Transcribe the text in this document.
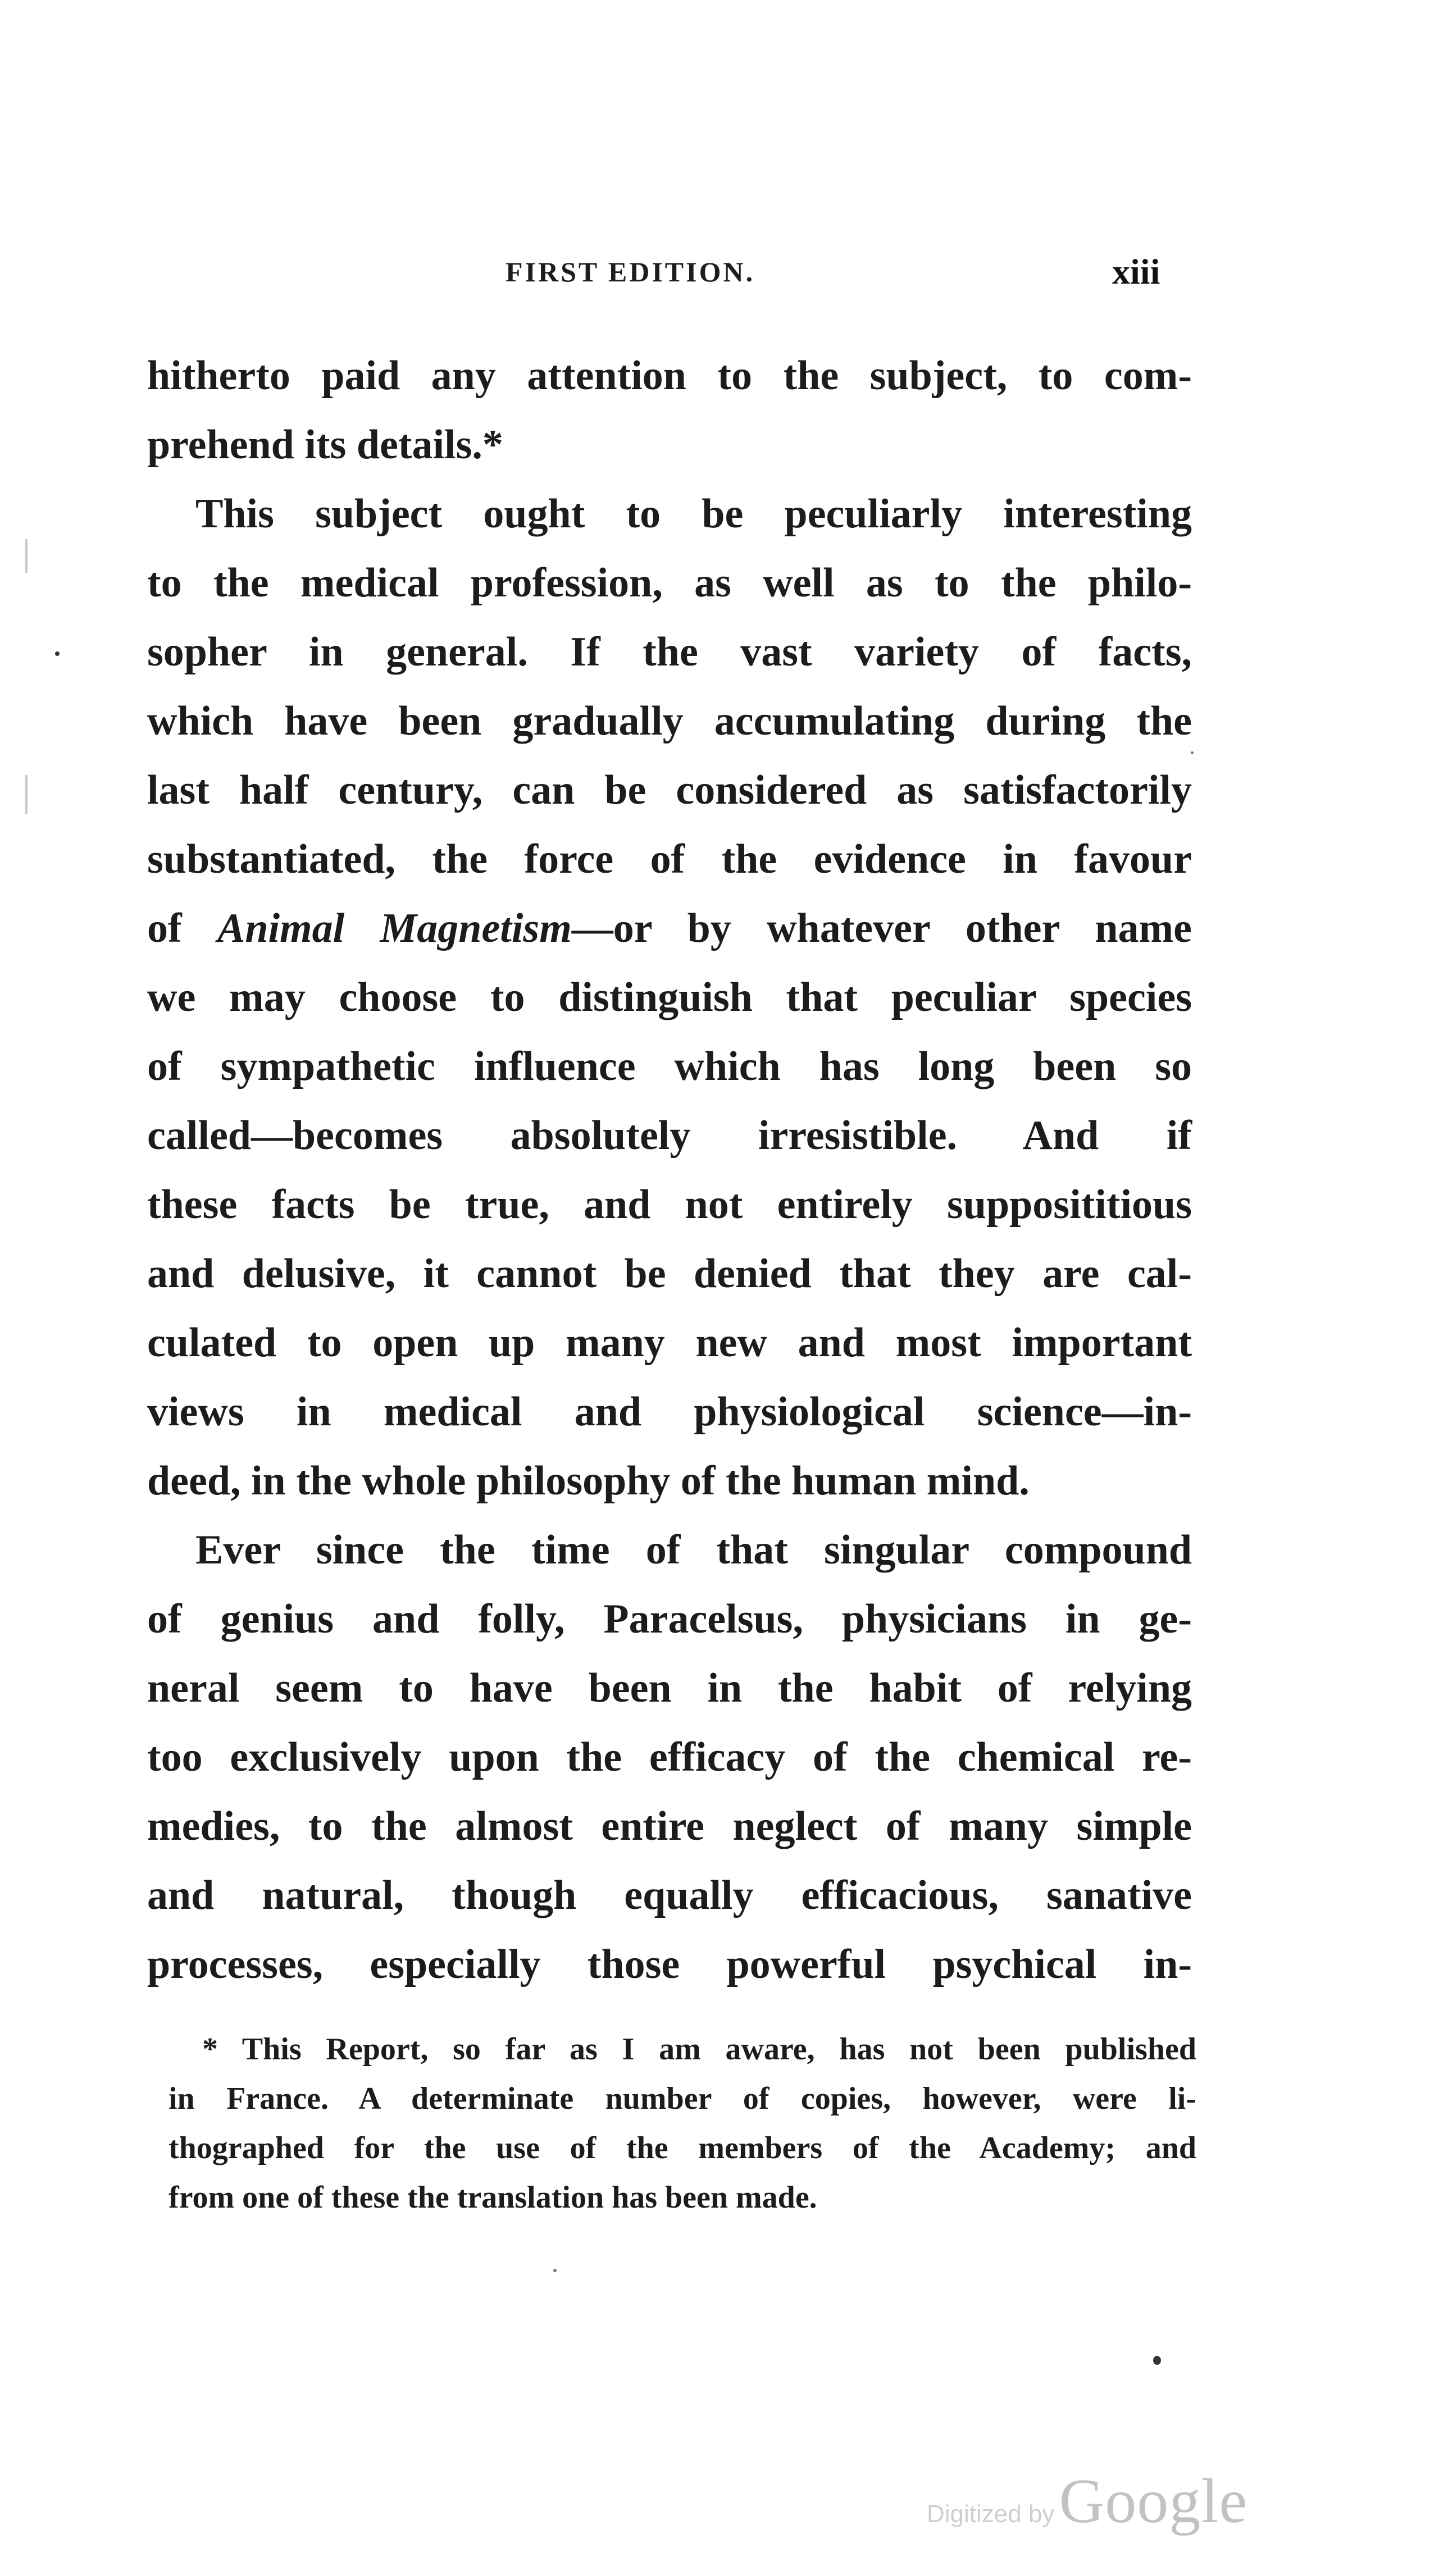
FIRST EDITION.	xiii
hitherto paid any attention to the subject, to com-
prehend its details.*
This subject ought to be peculiarly interesting
to the medical profession, as well as to the philo-
sopher in general. If the vast variety of facts,
which have been gradually accumulating during the
last half century, can be considered as satisfactorily
substantiated, the force of the evidence in favour
of Animal Magnetism—or by whatever other name
we may choose to distinguish that peculiar species
of sympathetic influence which has long been so
called—becomes absolutely irresistible. And if
these facts be true, and not entirely supposititious
and delusive, it cannot be denied that they are cal-
culated to open up many new and most important
views in medical and physiological science—in-
deed, in the whole philosophy of the human mind.
Ever since the time of that singular compound
of genius and folly, Paracelsus, physicians in ge-
neral seem to have been in the habit of relying
too exclusively upon the efficacy of the chemical re-
medies, to the almost entire neglect of many simple
and natural, though equally efficacious, sanative
processes, especially those powerful psychical in-
* This Report, so far as I am aware, has not been published
in France. A determinate number of copies, however, were li-
thographed for the use of the members of the Academy; and
from one of these the translation has been made.
Digitized by Google
